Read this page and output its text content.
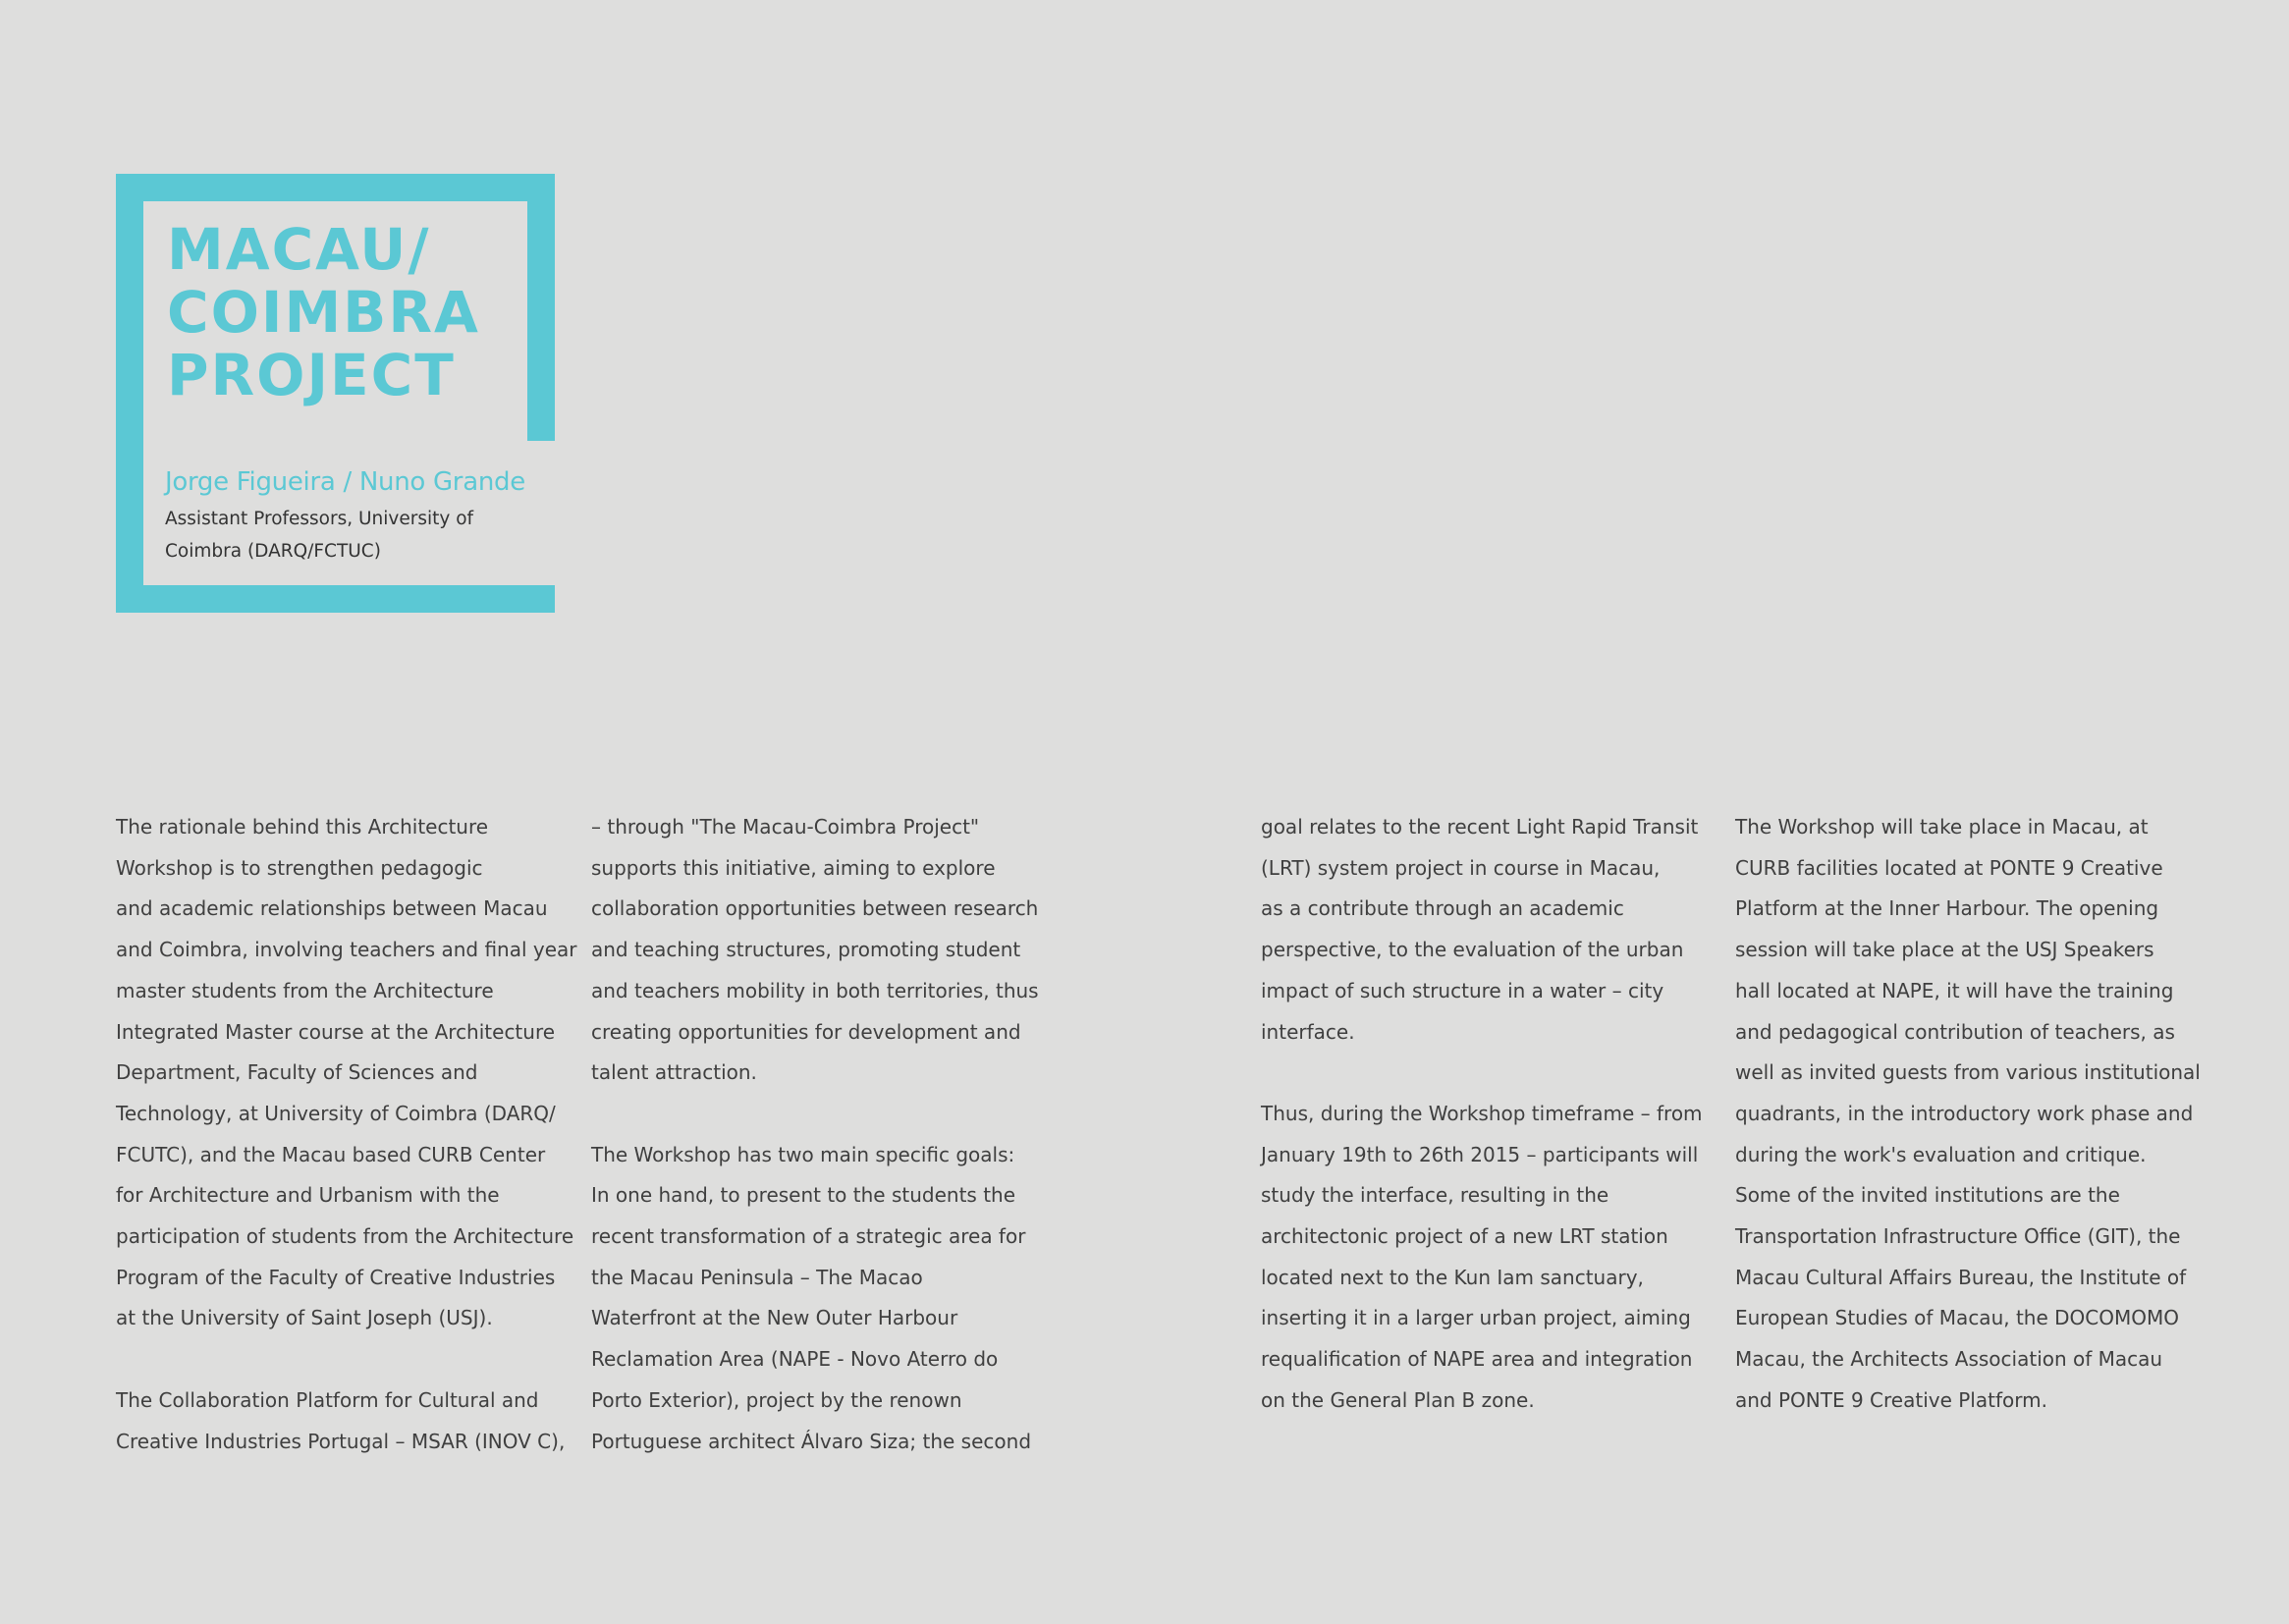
MACAU/
COIMBRA
PROJECT
Jorge Figueira / Nuno Grande
Assistant Professors, University of Coimbra (DARQ/FCTUC)

The rationale behind this Architecture
Workshop is to strengthen pedagogic
and academic relationships between Macau
and Coimbra, involving teachers and final year
master students from the Architecture
Integrated Master course at the Architecture
Department, Faculty of Sciences and
Technology, at University of Coimbra (DARQ/
FCUTC), and the Macau based CURB Center
for Architecture and Urbanism with the
participation of students from the Architecture
Program of the Faculty of Creative Industries
at the University of Saint Joseph (USJ).

The Collaboration Platform for Cultural and
Creative Industries Portugal – MSAR (INOV C),

– through "The Macau-Coimbra Project"
supports this initiative, aiming to explore
collaboration opportunities between research
and teaching structures, promoting student
and teachers mobility in both territories, thus
creating opportunities for development and
talent attraction.

The Workshop has two main specific goals:
In one hand, to present to the students the
recent transformation of a strategic area for
the Macau Peninsula – The Macao
Waterfront at the New Outer Harbour
Reclamation Area (NAPE - Novo Aterro do
Porto Exterior), project by the renown
Portuguese architect Álvaro Siza; the second

goal relates to the recent Light Rapid Transit
(LRT) system project in course in Macau,
as a contribute through an academic
perspective, to the evaluation of the urban
impact of such structure in a water – city
interface.

Thus, during the Workshop timeframe – from
January 19th to 26th 2015 – participants will
study the interface, resulting in the
architectonic project of a new LRT station
located next to the Kun Iam sanctuary,
inserting it in a larger urban project, aiming
requalification of NAPE area and integration
on the General Plan B zone.

The Workshop will take place in Macau, at
CURB facilities located at PONTE 9 Creative
Platform at the Inner Harbour. The opening
session will take place at the USJ Speakers
hall located at NAPE, it will have the training
and pedagogical contribution of teachers, as
well as invited guests from various institutional
quadrants, in the introductory work phase and
during the work's evaluation and critique.
Some of the invited institutions are the
Transportation Infrastructure Office (GIT), the
Macau Cultural Affairs Bureau, the Institute of
European Studies of Macau, the DOCOMOMO
Macau, the Architects Association of Macau
and PONTE 9 Creative Platform.
